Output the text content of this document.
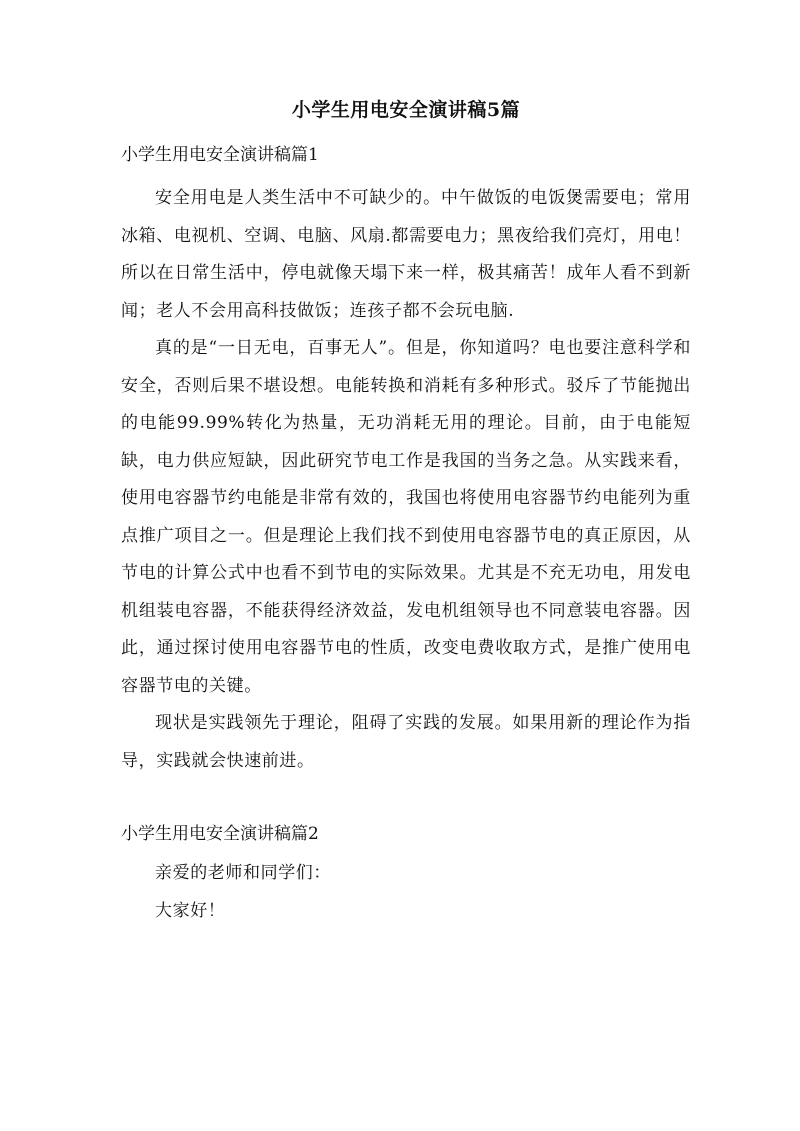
小学生用电安全演讲稿5篇

小学生用电安全演讲稿篇1

安全用电是人类生活中不可缺少的。中午做饭的电饭煲需要电；常用冰箱、电视机、空调、电脑、风扇.都需要电力；黑夜给我们亮灯，用电！所以在日常生活中，停电就像天塌下来一样，极其痛苦！成年人看不到新闻；老人不会用高科技做饭；连孩子都不会玩电脑.

真的是“一日无电，百事无人”。但是，你知道吗？电也要注意科学和安全，否则后果不堪设想。电能转换和消耗有多种形式。驳斥了节能抛出的电能99.99%转化为热量，无功消耗无用的理论。目前，由于电能短缺，电力供应短缺，因此研究节电工作是我国的当务之急。从实践来看，使用电容器节约电能是非常有效的，我国也将使用电容器节约电能列为重点推广项目之一。但是理论上我们找不到使用电容器节电的真正原因，从节电的计算公式中也看不到节电的实际效果。尤其是不充无功电，用发电机组装电容器，不能获得经济效益，发电机组领导也不同意装电容器。因此，通过探讨使用电容器节电的性质，改变电费收取方式，是推广使用电容器节电的关键。

现状是实践领先于理论，阻碍了实践的发展。如果用新的理论作为指导，实践就会快速前进。

小学生用电安全演讲稿篇2

亲爱的老师和同学们：

大家好！
